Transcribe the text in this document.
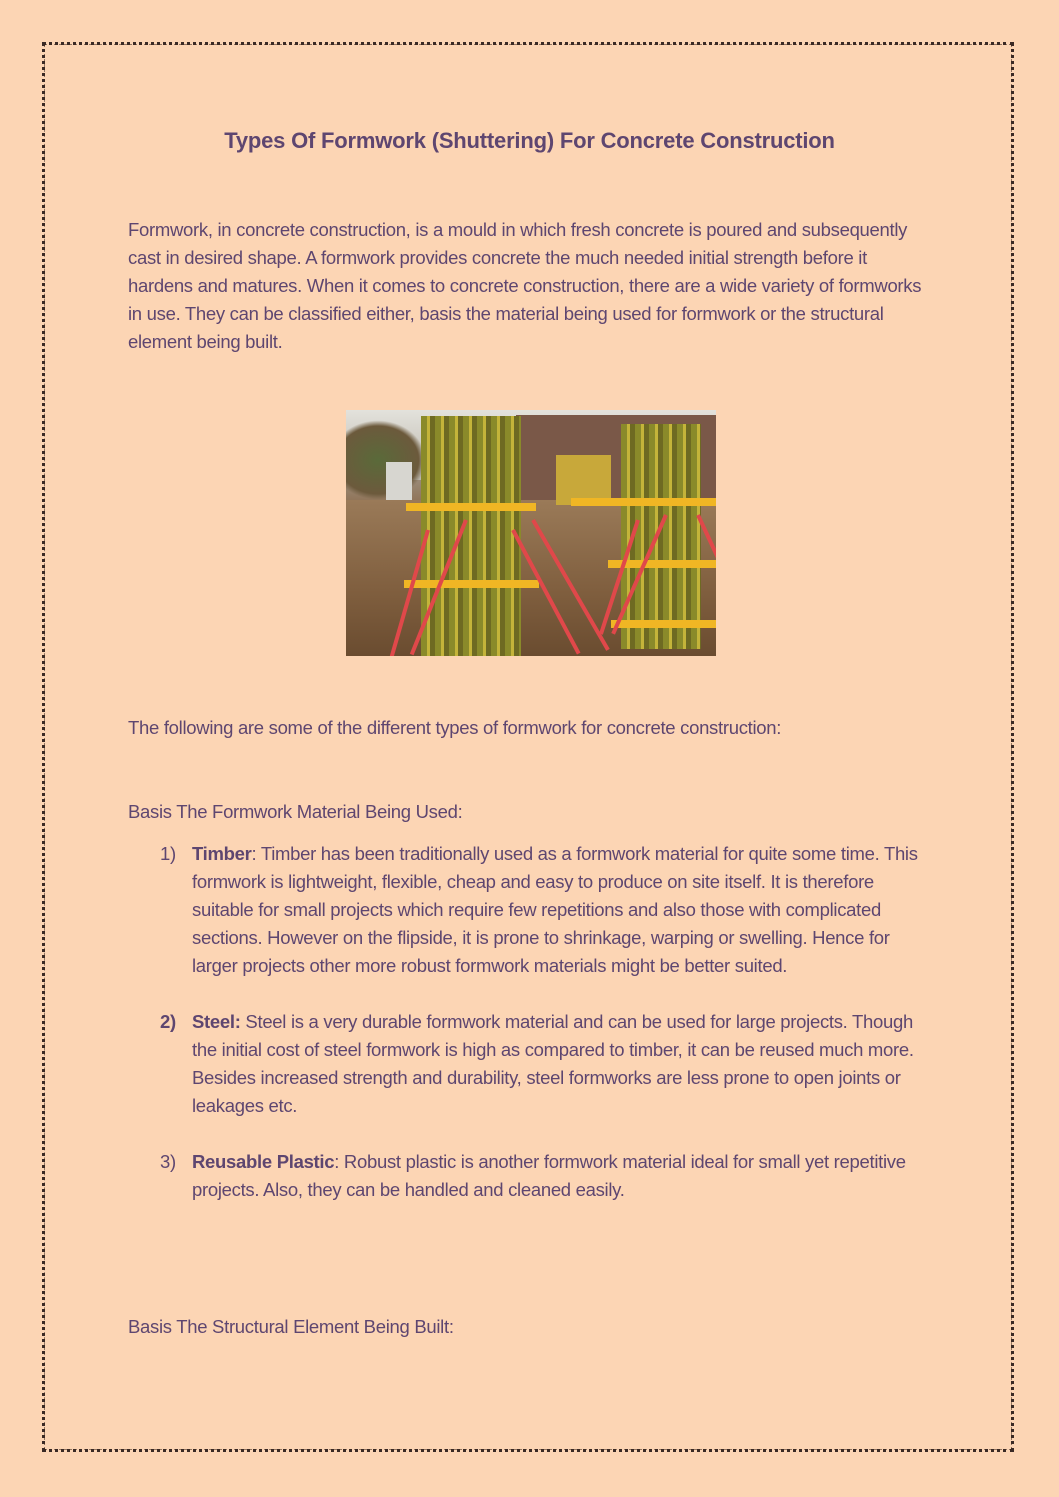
Types Of Formwork (Shuttering) For Concrete Construction

Formwork, in concrete construction, is a mould in which fresh concrete is poured and subsequently cast in desired shape. A formwork provides concrete the much needed initial strength before it hardens and matures. When it comes to concrete construction, there are a wide variety of formworks in use. They can be classified either, basis the material being used for formwork or the structural element being built.

The following are some of the different types of formwork for concrete construction:

Basis The Formwork Material Being Used:

1) Timber: Timber has been traditionally used as a formwork material for quite some time. This formwork is lightweight, flexible, cheap and easy to produce on site itself. It is therefore suitable for small projects which require few repetitions and also those with complicated sections. However on the flipside, it is prone to shrinkage, warping or swelling. Hence for larger projects other more robust formwork materials might be better suited.
2) Steel: Steel is a very durable formwork material and can be used for large projects. Though the initial cost of steel formwork is high as compared to timber, it can be reused much more.
Besides increased strength and durability, steel formworks are less prone to open joints or leakages etc.
3) Reusable Plastic: Robust plastic is another formwork material ideal for small yet repetitive projects. Also, they can be handled and cleaned easily.

Basis The Structural Element Being Built:
